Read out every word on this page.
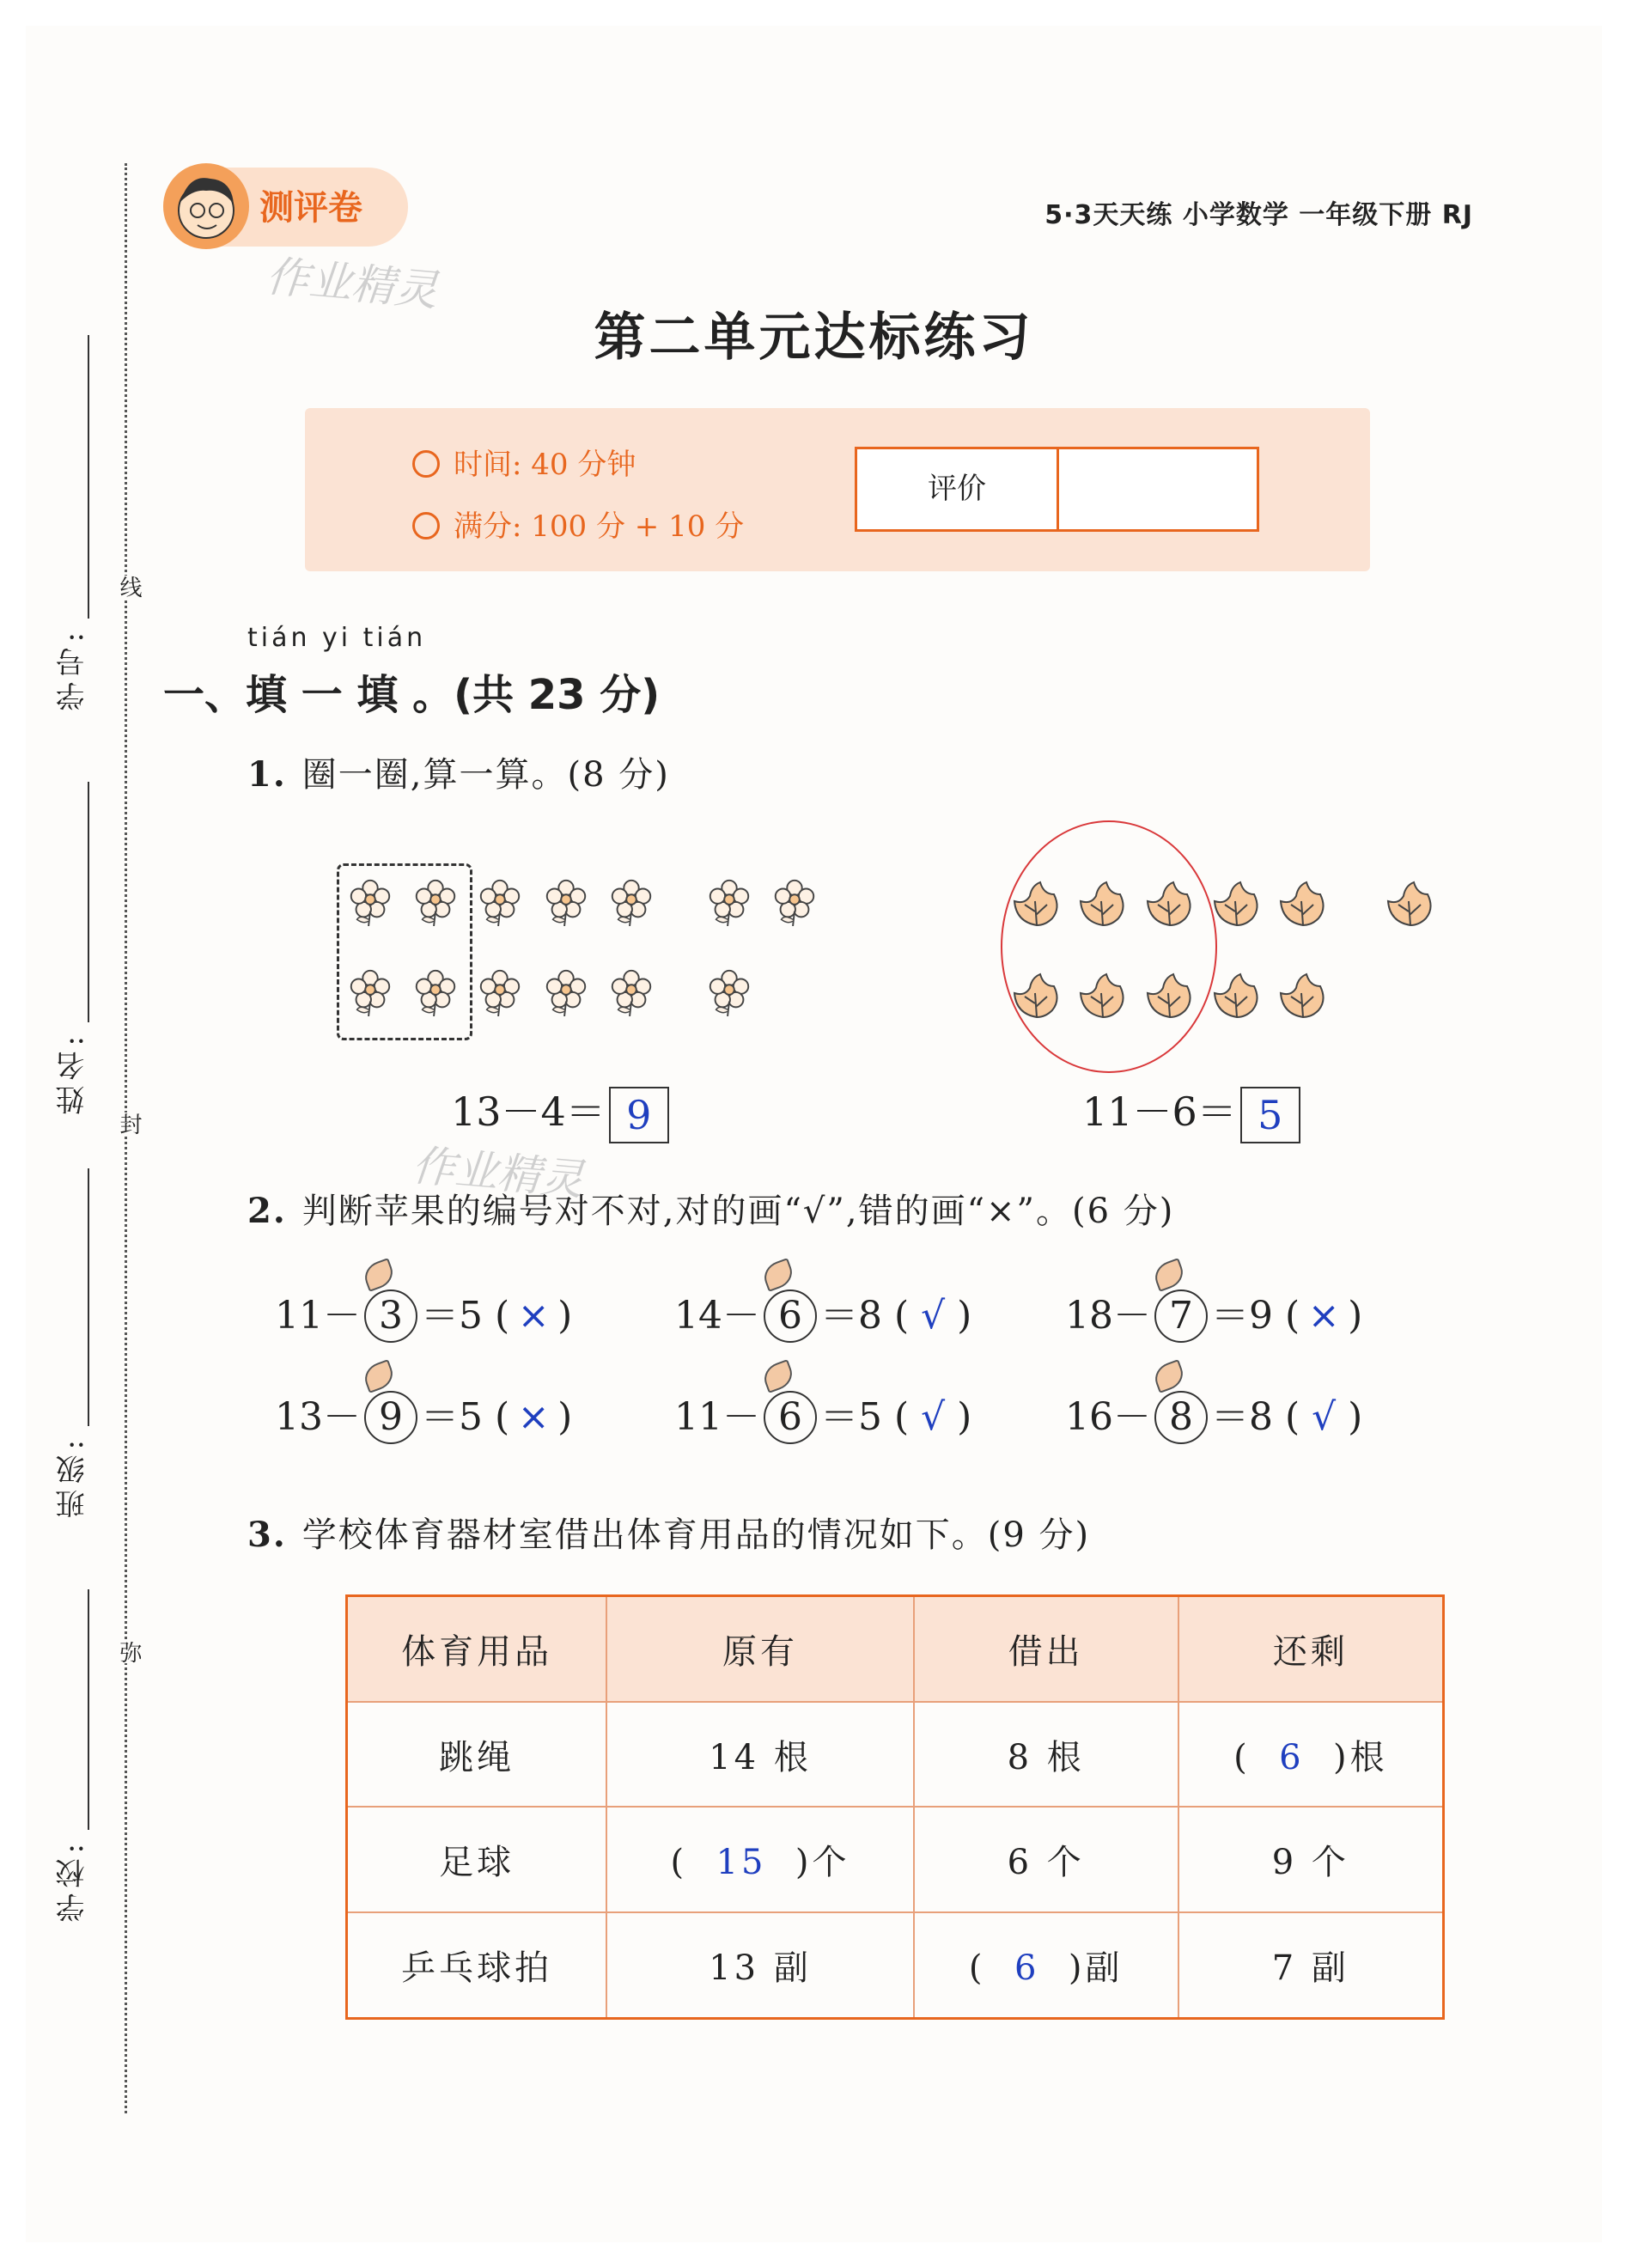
学号:
姓名:
班级:
学校:
线
封
弥
测评卷	5·3天天练 小学数学 一年级下册 RJ
作业精灵
第二单元达标练习
时间: 40 分钟
满分: 100 分 + 10 分
评价
tián yi tián
一、填 一 填 。(共 23 分)
1. 圈一圈,算一算。(8 分)
13－4＝ 9	11－6＝ 5
作业精灵
2. 判断苹果的编号对不对,对的画“√”,错的画“×”。(6 分)
11－ 3 ＝5 ( × )	14－ 6 ＝8 ( √ ) 18－ 7 ＝9 ( × )
13－ 9 ＝5 ( × )	11－ 6 ＝5 ( √ ) 16－ 8 ＝8 ( √ )
3. 学校体育器材室借出体育用品的情况如下。(9 分)
体育用品	原有	借出	还剩
跳绳	14 根	8 根	( 6 )根
足球	( 15 )个	6 个	9 个
乒乓球拍	13 副	( 6 )副	7 副
